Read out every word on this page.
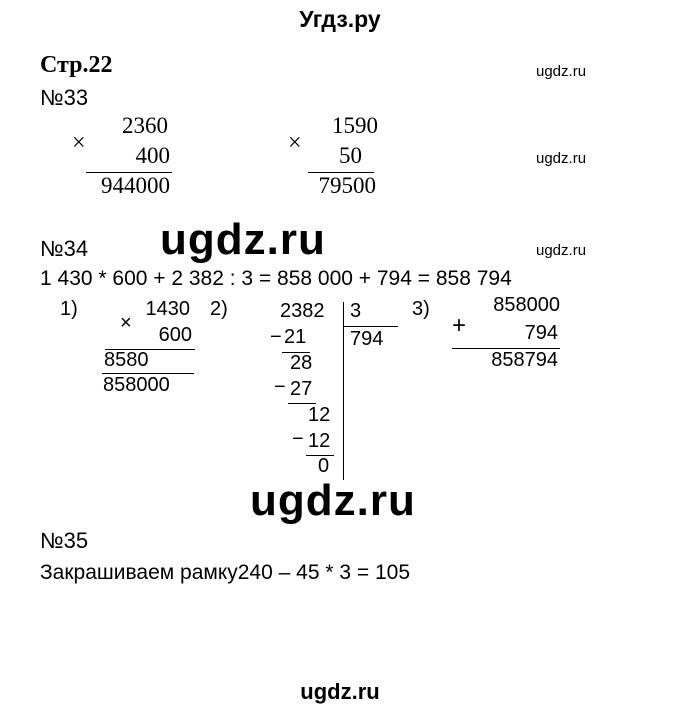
Угдз.ру
ugdz.ru
ugdz.ru
ugdz.ru
Стр.22
№33
×
2360
400
944000
×
1590
50
79500
№34 ugdz.ru
1 430 * 600 + 2 382 : 3 = 858 000 + 794 = 858 794
1)
×
1430
600
8580
858000
2)	2382 3
794
− 21
28
− 27
12
− 12
0
3)
+
858000
794
858794
ugdz.ru
№35
Закрашиваем рамку240 – 45 * 3 = 105
ugdz.ru
